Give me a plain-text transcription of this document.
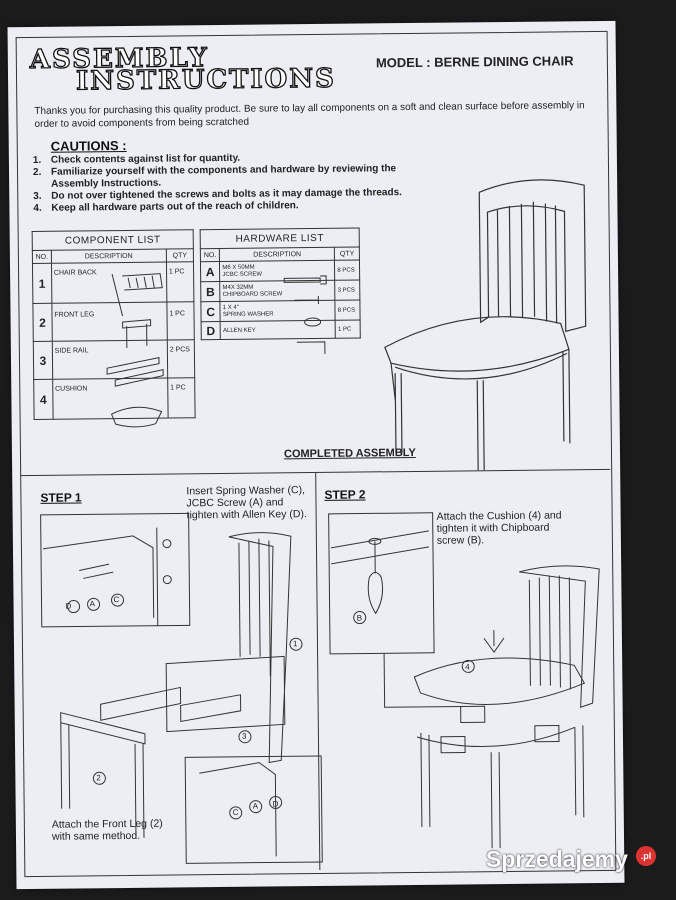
ASSEMBLY
INSTRUCTIONS
MODEL : BERNE DINING CHAIR
Thanks you for purchasing this quality product. Be sure to lay all components on a soft and clean surface before assembly in order to avoid components from being scratched
CAUTIONS :
1. Check contents against list for quantity.
2. Familiarize yourself with the components and hardware by reviewing the Assembly Instructions.
3. Do not over tightened the screws and bolts as it may damage the threads.
4. Keep all hardware parts out of the reach of children.
COMPONENT LIST		
NO.	DESCRIPTION	QTY
1	CHAIR BACK	1 PC
2	FRONT LEG	1 PC
3	SIDE RAIL	2 PCS
4	CUSHION	1 PC
HARDWARE LIST		
NO.	DESCRIPTION	QTY
A	M6 X 50MM
JCBC SCREW	8 PCS
B	M4X 32MM
CHIPBOARD SCREW	3 PCS
C	1 X 4"
SPRING WASHER	8 PCS
D	ALLEN KEY	1 PC
COMPLETED ASSEMBLY
STEP 1	Insert Spring Washer (C), JCBC Screw (A) and tighten with Allen Key (D).
D A C
1
2
3
C
A D
Attach the Front Leg (2) with same method.
STEP 2
Attach the Cushion (4) and tighten it with Chipboard screw (B).
B
4
Sprzedajemy	.pl
